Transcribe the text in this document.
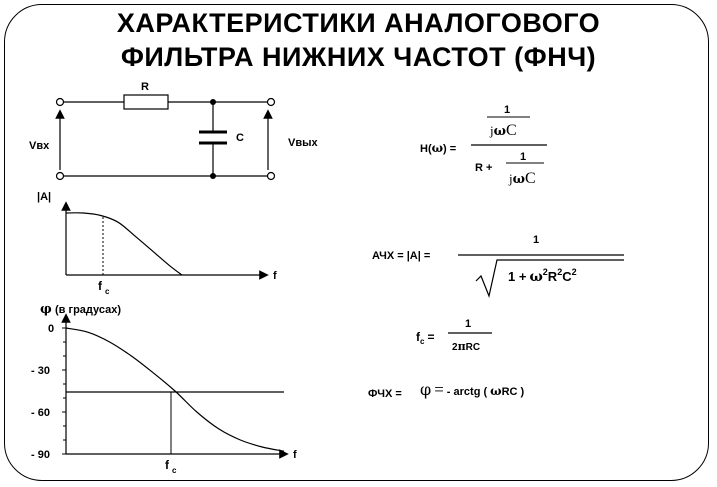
ХАРАКТЕРИСТИКИ АНАЛОГОВОГО
ФИЛЬТРА НИЖНИХ ЧАСТОТ (ФНЧ)
R
C
Vвх	Vвых
|A|
f
f c
φ (в градусах)
f
f c
0
- 30
- 60
- 90
H(ω) =
1
jωC
R +
1
jωC
АЧХ = |A| =
1
$1 + \omega^2R^2C^2$
$f_c$ =
1
2πRC
ФЧХ = φ = - arctg ( ωRC )
